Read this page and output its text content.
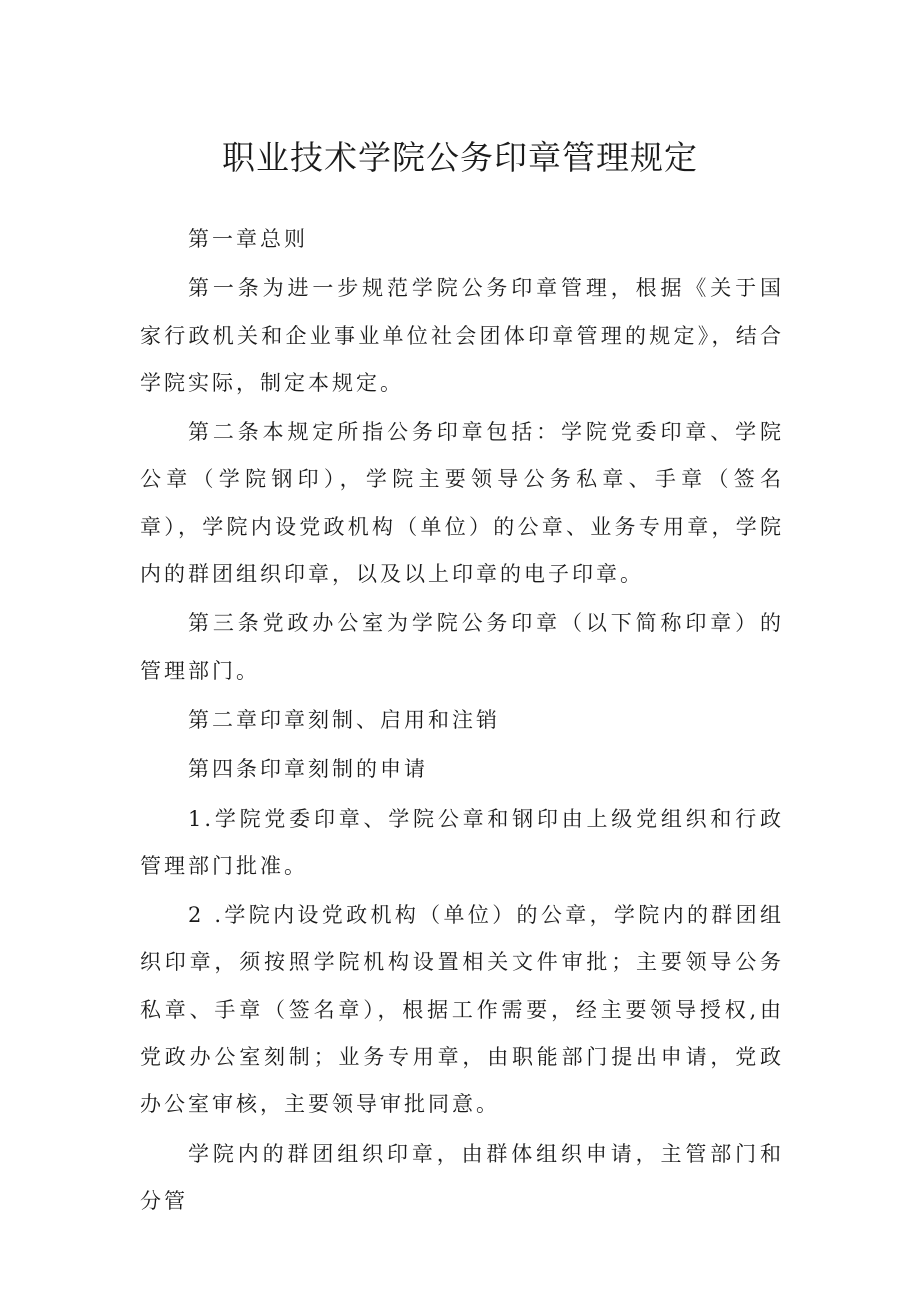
职业技术学院公务印章管理规定

第一章总则

第一条为进一步规范学院公务印章管理，根据《关于国家行政机关和企业事业单位社会团体印章管理的规定》，结合学院实际，制定本规定。

第二条本规定所指公务印章包括：学院党委印章、学院公章（学院钢印），学院主要领导公务私章、手章（签名章），学院内设党政机构（单位）的公章、业务专用章，学院内的群团组织印章，以及以上印章的电子印章。

第三条党政办公室为学院公务印章（以下简称印章）的管理部门。

第二章印章刻制、启用和注销

第四条印章刻制的申请

1.学院党委印章、学院公章和钢印由上级党组织和行政管理部门批准。

2 .学院内设党政机构（单位）的公章，学院内的群团组织印章，须按照学院机构设置相关文件审批；主要领导公务私章、手章（签名章），根据工作需要，经主要领导授权,由党政办公室刻制；业务专用章，由职能部门提出申请，党政办公室审核，主要领导审批同意。

学院内的群团组织印章，由群体组织申请，主管部门和分管
